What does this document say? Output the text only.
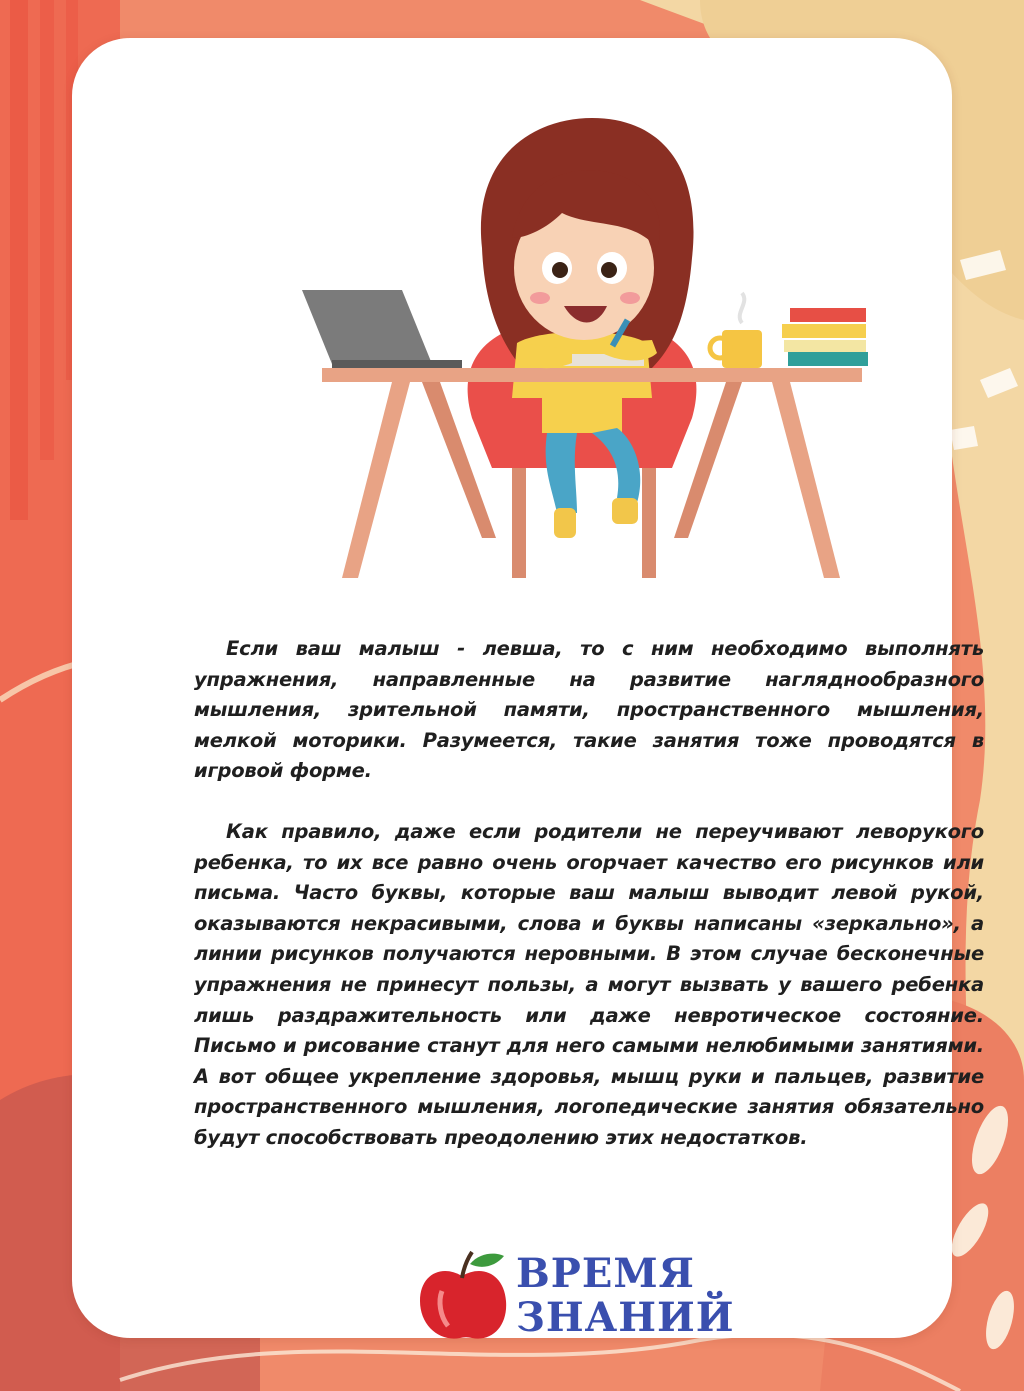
Если ваш малыш - левша, то с ним необходимо выполнять упражнения, направленные на развитие нагляднообразного мышления, зрительной памяти, пространственного мышления, мелкой моторики. Разумеется, такие занятия тоже проводятся в игровой форме.

Как правило, даже если родители не переучивают леворукого ребенка, то их все равно очень огорчает качество его рисунков или письма. Часто буквы, которые ваш малыш выводит левой рукой, оказываются некрасивыми, слова и буквы написаны «зеркально», а линии рисунков получаются неровными. В этом случае бесконечные упражнения не принесут пользы, а могут вызвать у вашего ребенка лишь раздражительность или даже невротическое состояние. Письмо и рисование станут для него самыми нелюбимыми занятиями. А вот общее укрепление здоровья, мышц руки и пальцев, развитие пространственного мышления, логопедические занятия обязательно будут способствовать преодолению этих недостатков.

ВРЕМЯ
ЗНАНИЙ
